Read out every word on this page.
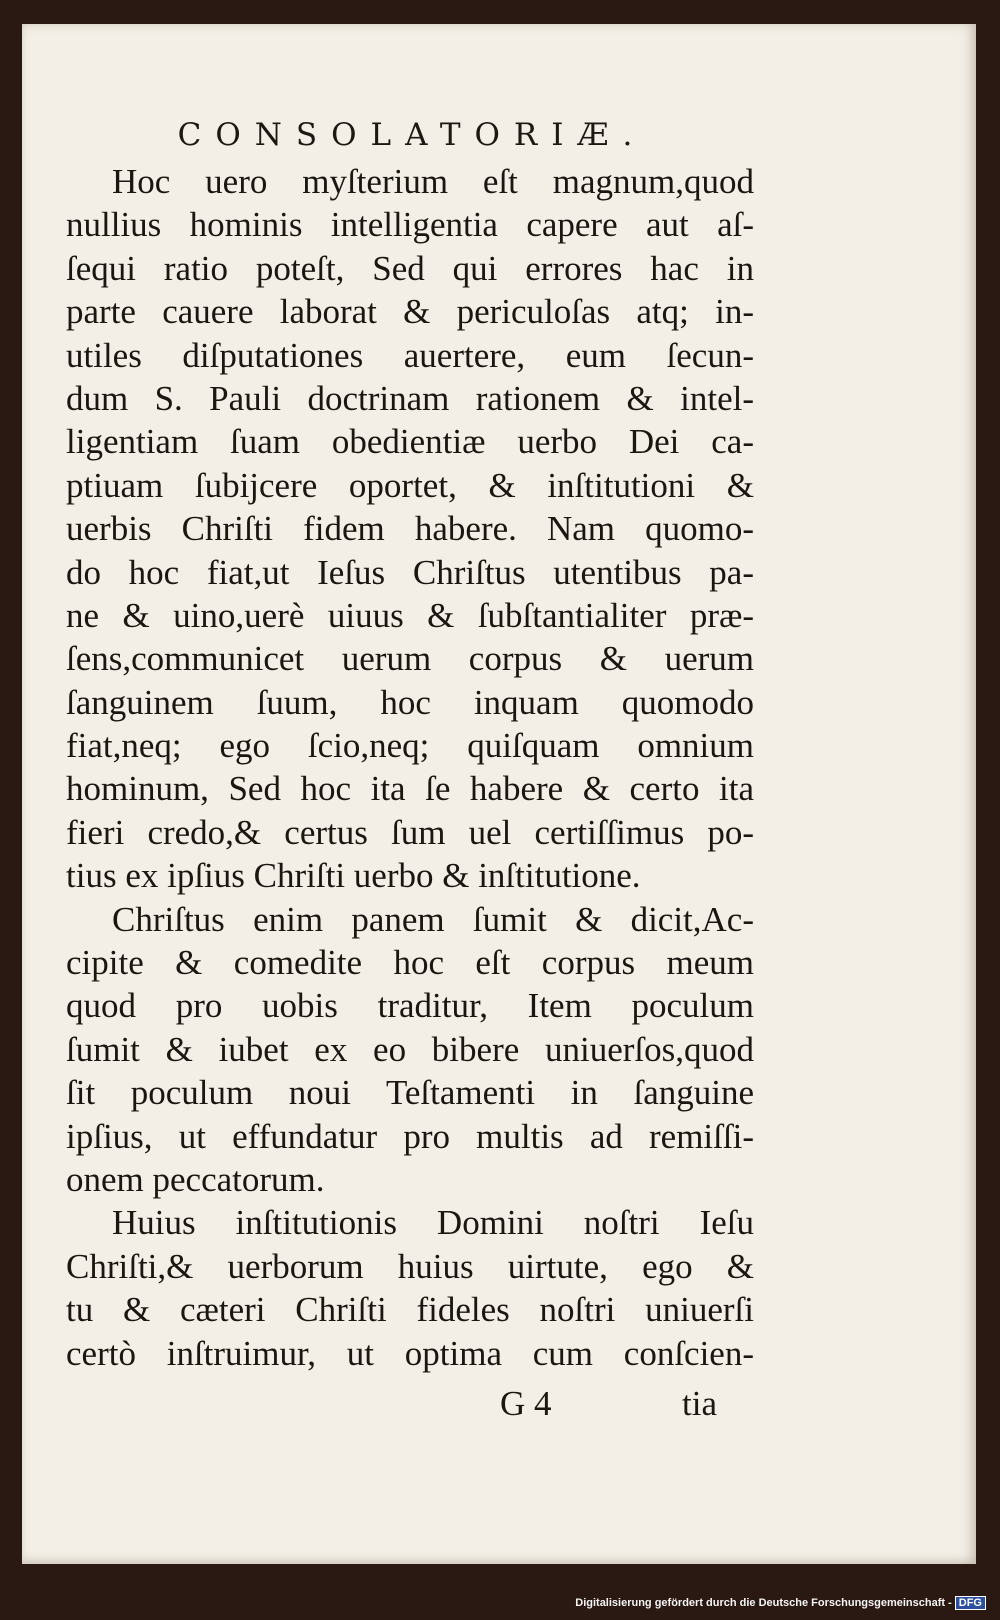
CONSOLATORIÆ.
Hoc uero myſterium eſt magnum,quod
nullius hominis intelligentia capere aut aſ-
ſequi ratio poteſt, Sed qui errores hac in
parte cauere laborat & periculoſas atq; in-
utiles diſputationes auertere, eum ſecun-
dum S. Pauli doctrinam rationem & intel-
ligentiam ſuam obedientiæ uerbo Dei ca-
ptiuam ſubijcere oportet, & inſtitutioni &
uerbis Chriſti fidem habere. Nam quomo-
do hoc fiat,ut Ieſus Chriſtus utentibus pa-
ne & uino,uerè uiuus & ſubſtantialiter præ-
ſens,communicet uerum corpus & uerum
ſanguinem ſuum, hoc inquam quomodo
fiat,neq; ego ſcio,neq; quiſquam omnium
hominum, Sed hoc ita ſe habere & certo ita
fieri credo,& certus ſum uel certiſſimus po-
tius ex ipſius Chriſti uerbo & inſtitutione.
Chriſtus enim panem ſumit & dicit,Ac-
cipite & comedite hoc eſt corpus meum
quod pro uobis traditur, Item poculum
ſumit & iubet ex eo bibere uniuerſos,quod
ſit poculum noui Teſtamenti in ſanguine
ipſius, ut effundatur pro multis ad remiſſi-
onem peccatorum.
Huius inſtitutionis Domini noſtri Ieſu
Chriſti,& uerborum huius uirtute, ego &
tu & cæteri Chriſti fideles noſtri uniuerſi
certò inſtruimur, ut optima cum conſcien-
G 4	tia
Digitalisierung gefördert durch die Deutsche Forschungsgemeinschaft - DFG
